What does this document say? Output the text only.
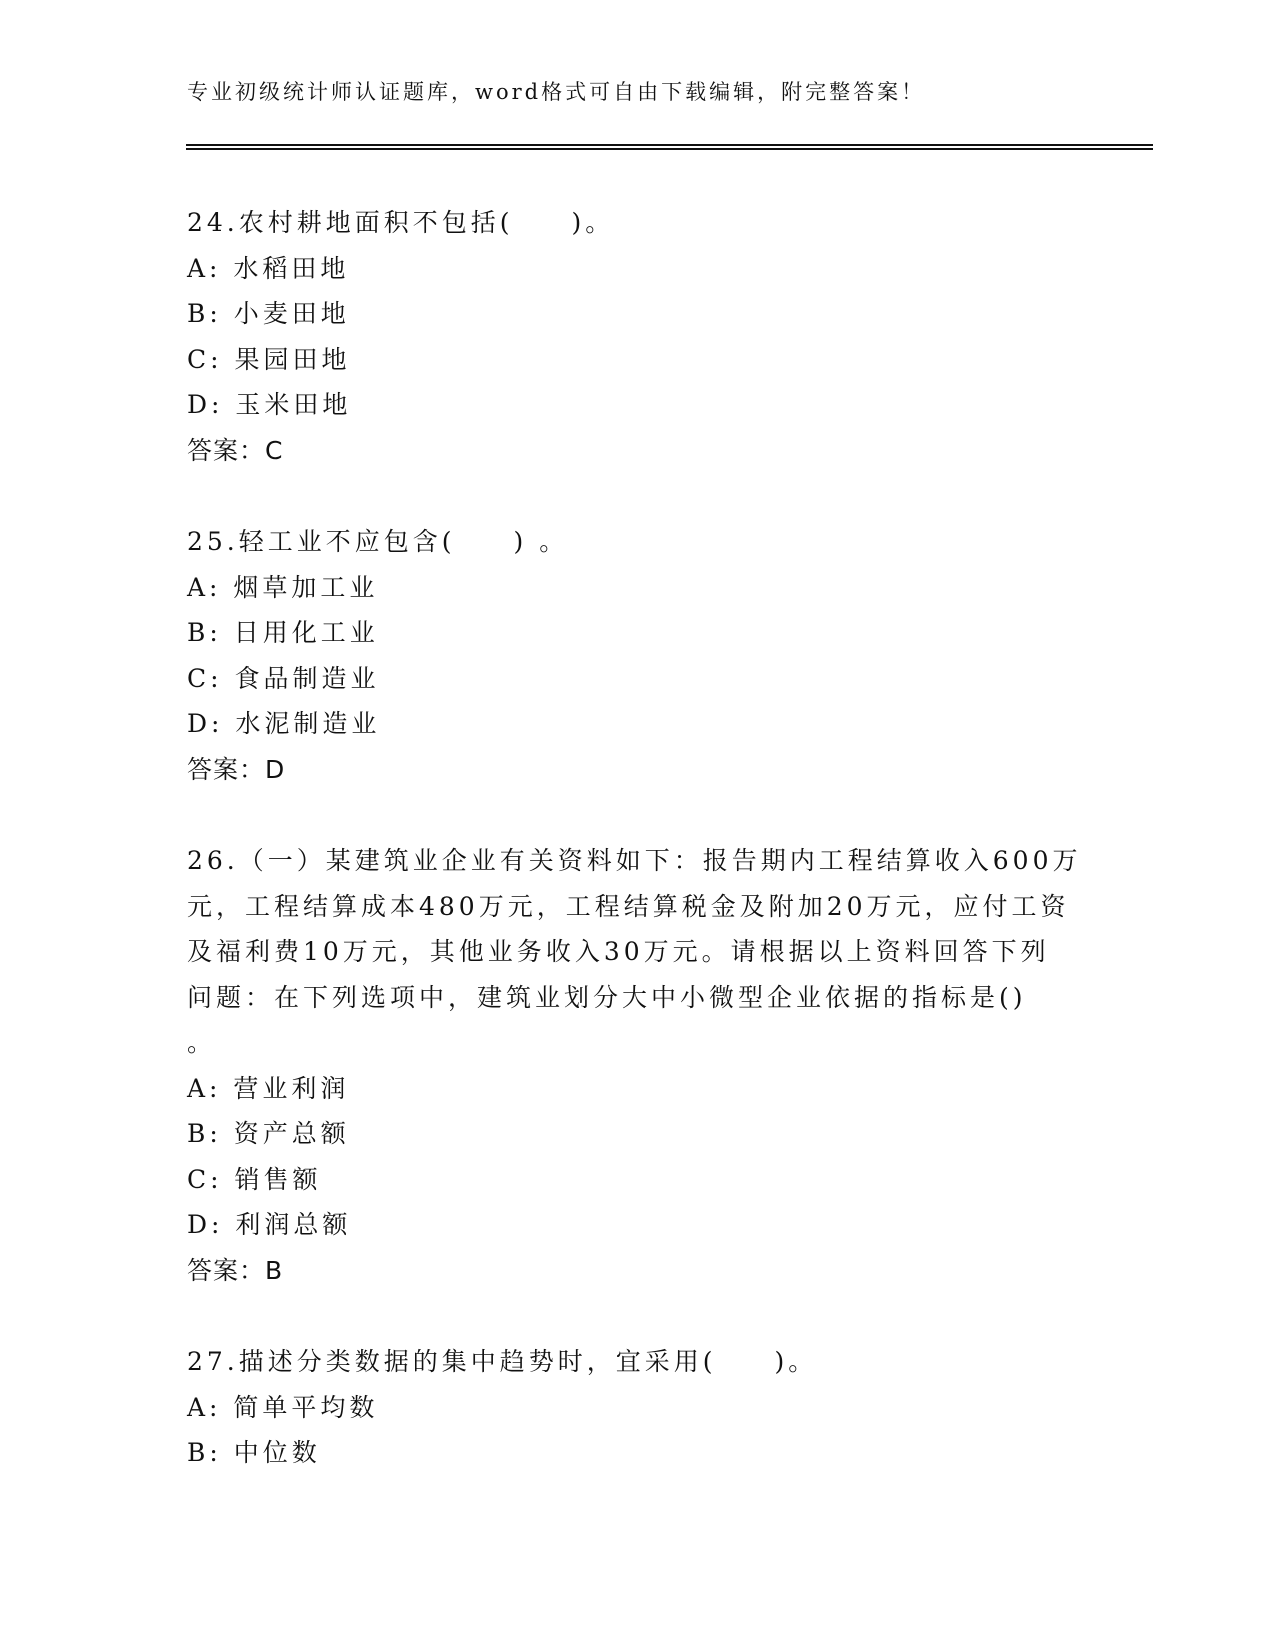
专业初级统计师认证题库，word格式可自由下载编辑，附完整答案！
24.农村耕地面积不包括(　　)。
A: 水稻田地
B: 小麦田地
C: 果园田地
D: 玉米田地
答案：C
25.轻工业不应包含(　　) 。
A: 烟草加工业
B: 日用化工业
C: 食品制造业
D: 水泥制造业
答案：D
26.（一）某建筑业企业有关资料如下：报告期内工程结算收入600万
元，工程结算成本480万元，工程结算税金及附加20万元，应付工资
及福利费10万元，其他业务收入30万元。请根据以上资料回答下列
问题：在下列选项中，建筑业划分大中小微型企业依据的指标是()
。
A: 营业利润
B: 资产总额
C: 销售额
D: 利润总额
答案：B
27.描述分类数据的集中趋势时，宜采用(　　)。
A: 简单平均数
B: 中位数
